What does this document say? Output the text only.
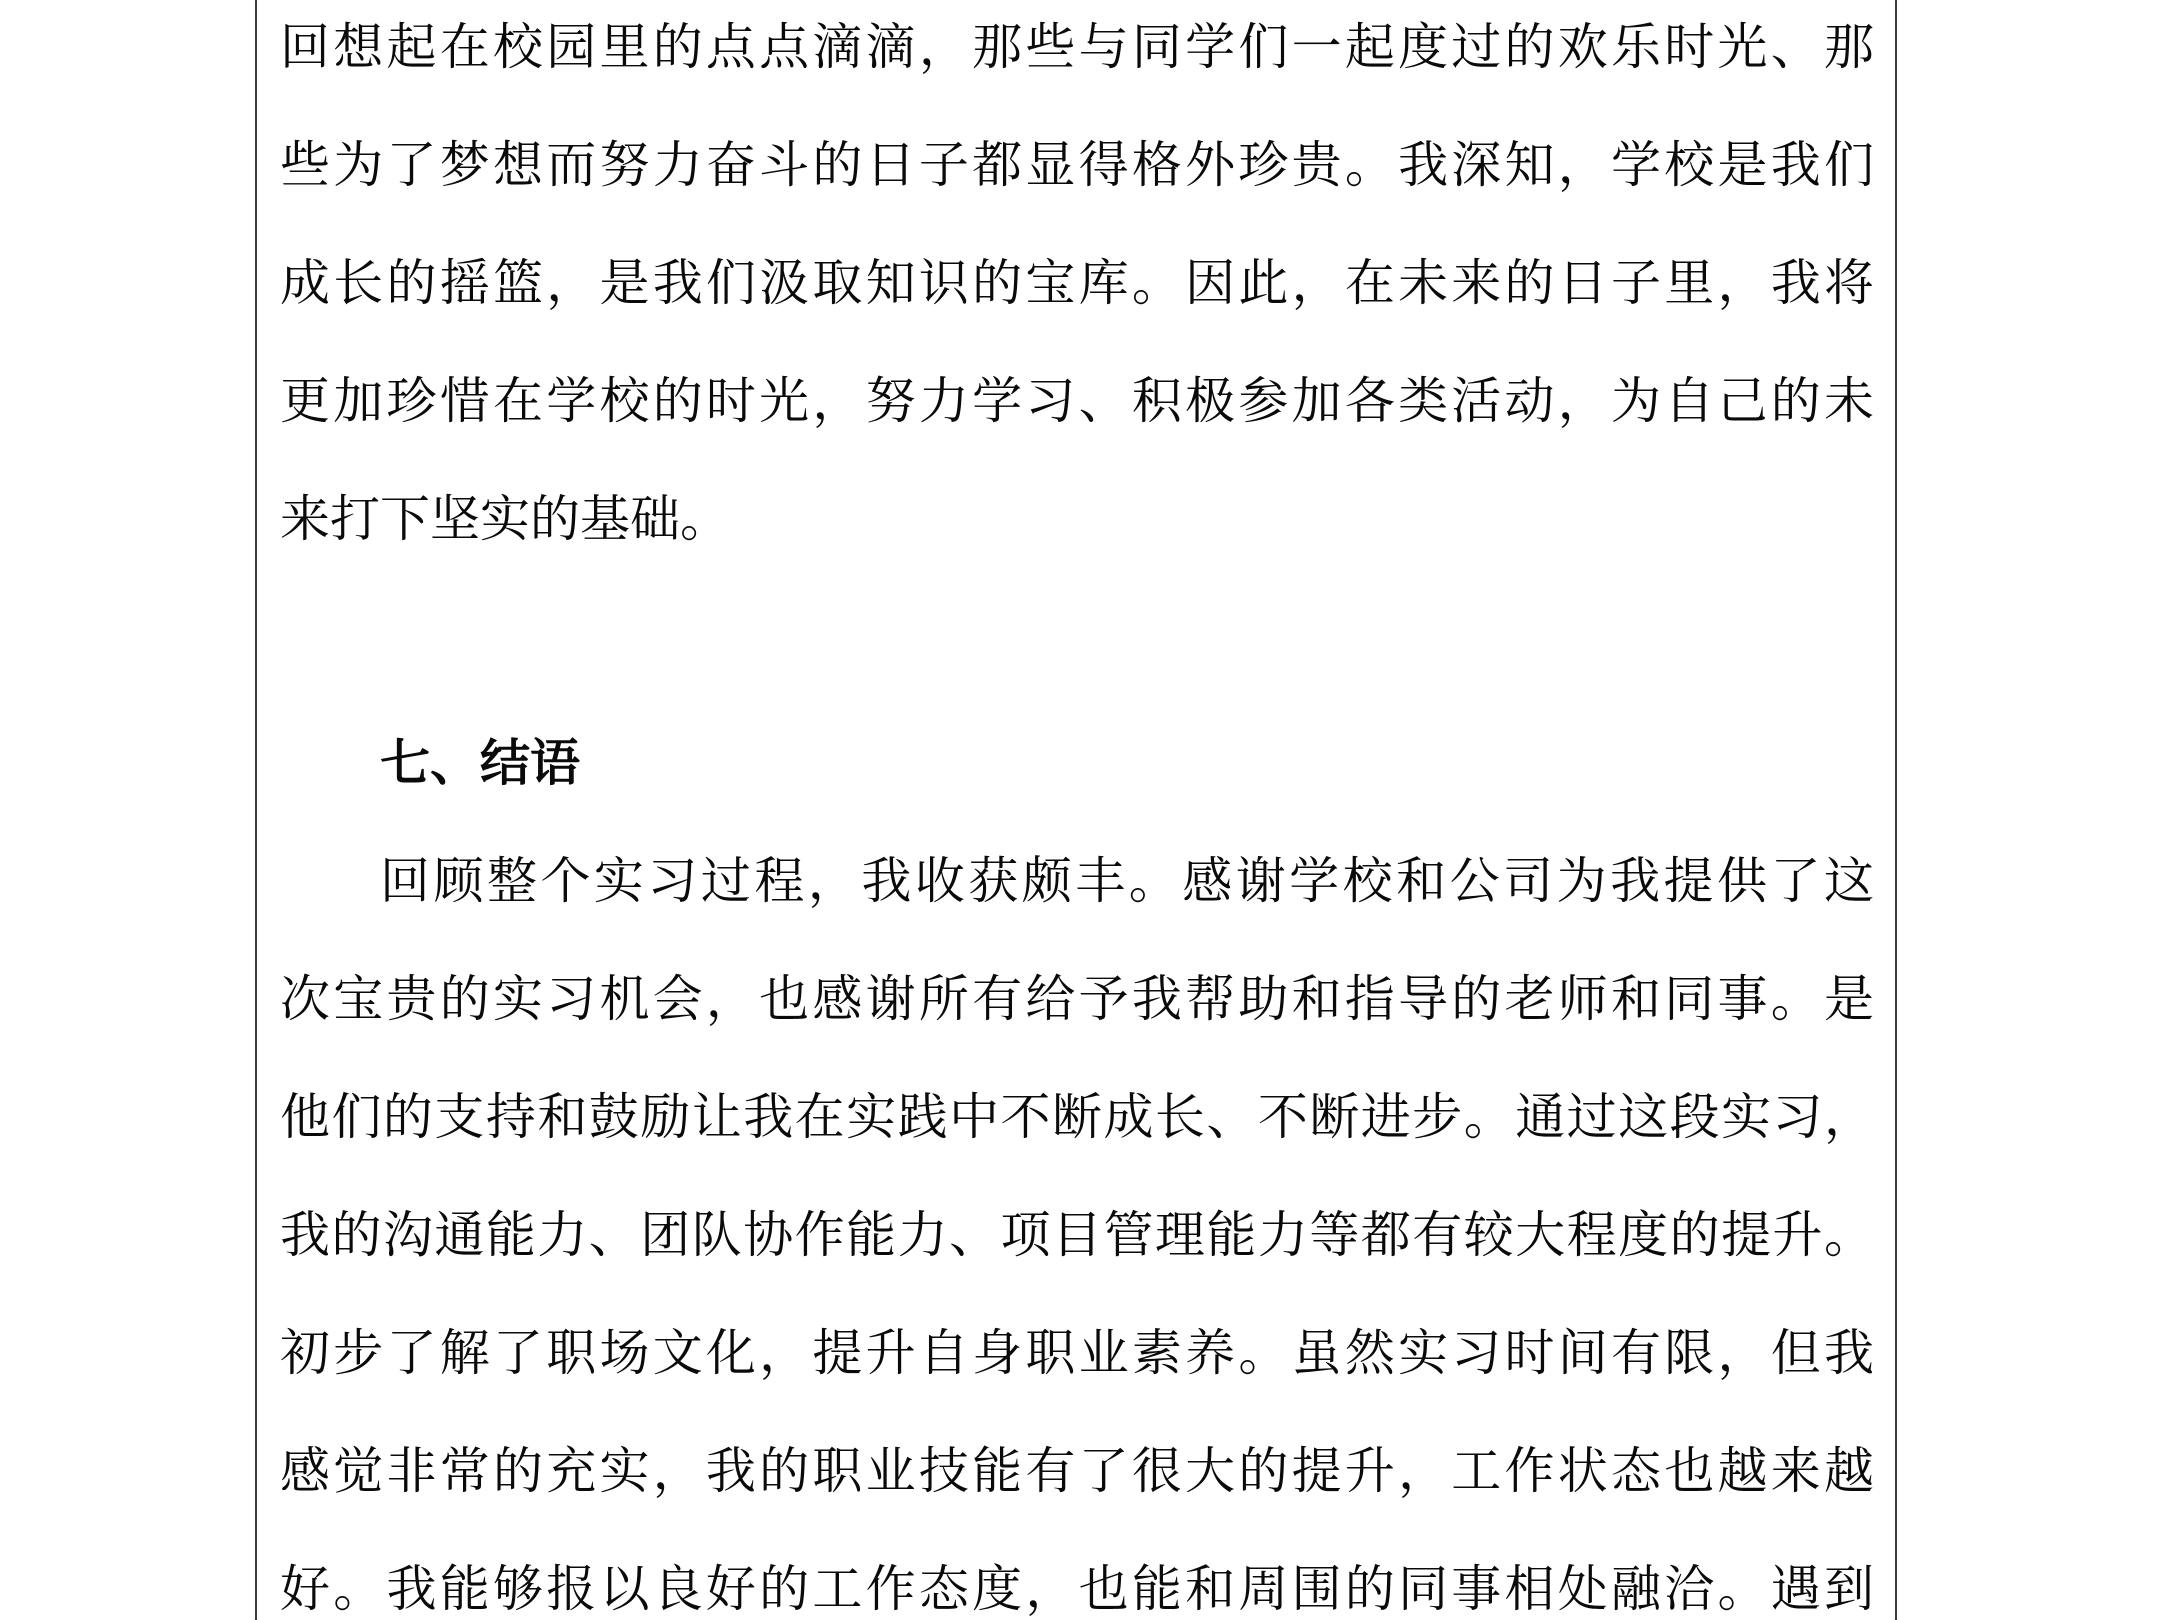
回想起在校园里的点点滴滴，那些与同学们一起度过的欢乐时光、那
些为了梦想而努力奋斗的日子都显得格外珍贵。我深知，学校是我们
成长的摇篮，是我们汲取知识的宝库。因此，在未来的日子里，我将
更加珍惜在学校的时光，努力学习、积极参加各类活动，为自己的未
来打下坚实的基础。
七、结语
回顾整个实习过程，我收获颇丰。感谢学校和公司为我提供了这
次宝贵的实习机会，也感谢所有给予我帮助和指导的老师和同事。是
他们的支持和鼓励让我在实践中不断成长、不断进步。通过这段实习，
我的沟通能力、团队协作能力、项目管理能力等都有较大程度的提升。
初步了解了职场文化，提升自身职业素养。虽然实习时间有限，但我
感觉非常的充实，我的职业技能有了很大的提升，工作状态也越来越
好。我能够报以良好的工作态度，也能和周围的同事相处融洽。遇到
